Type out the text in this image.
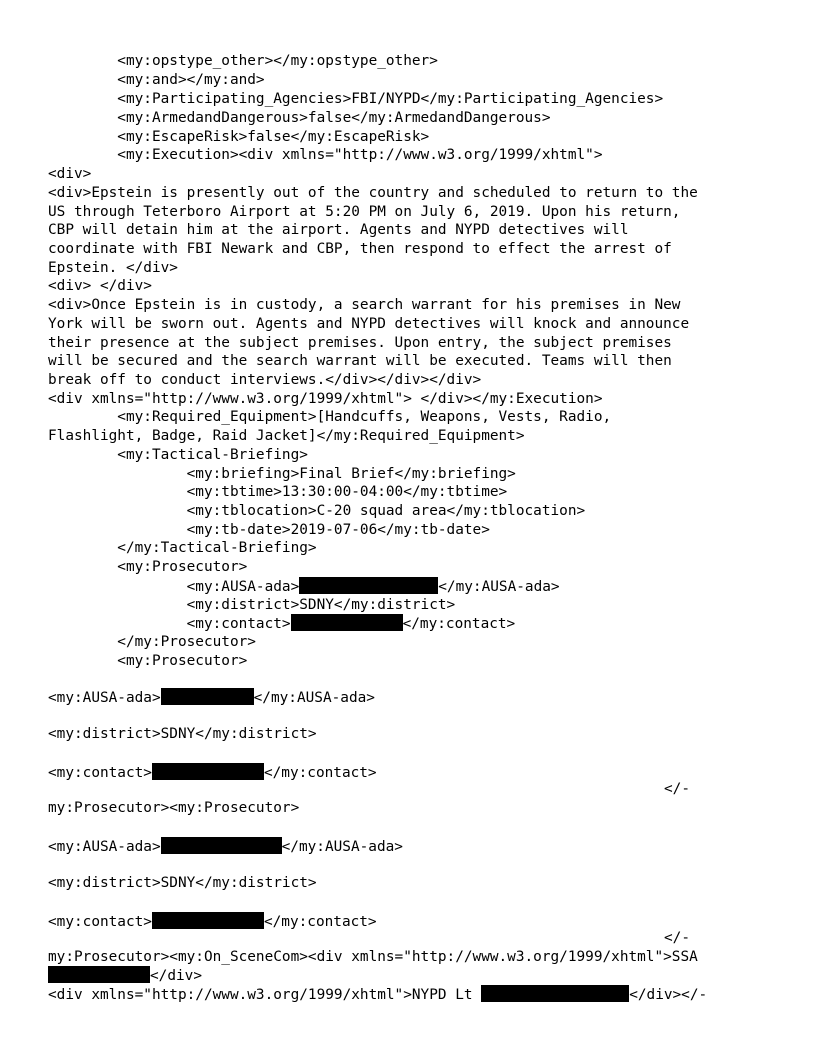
<my:opstype_other></my:opstype_other>
<my:and></my:and>
<my:Participating_Agencies>FBI/NYPD</my:Participating_Agencies>
<my:ArmedandDangerous>false</my:ArmedandDangerous>
<my:EscapeRisk>false</my:EscapeRisk>
<my:Execution><div xmlns="http://www.w3.org/1999/xhtml">
<div>
<div>Epstein is presently out of the country and scheduled to return to the
US through Teterboro Airport at 5:20 PM on July 6, 2019. Upon his return,
CBP will detain him at the airport. Agents and NYPD detectives will
coordinate with FBI Newark and CBP, then respond to effect the arrest of
Epstein. </div>
<div> </div>
<div>Once Epstein is in custody, a search warrant for his premises in New
York will be sworn out. Agents and NYPD detectives will knock and announce
their presence at the subject premises. Upon entry, the subject premises
will be secured and the search warrant will be executed. Teams will then
break off to conduct interviews.</div></div></div>
<div xmlns="http://www.w3.org/1999/xhtml"> </div></my:Execution>
<my:Required_Equipment>[Handcuffs, Weapons, Vests, Radio,
Flashlight, Badge, Raid Jacket]</my:Required_Equipment>
<my:Tactical-Briefing>
<my:briefing>Final Brief</my:briefing>
<my:tbtime>13:30:00-04:00</my:tbtime>
<my:tblocation>C-20 squad area</my:tblocation>
<my:tb-date>2019-07-06</my:tb-date>
</my:Tactical-Briefing>
<my:Prosecutor>
<my:AUSA-ada>	</my:AUSA-ada>
<my:district>SDNY</my:district>
<my:contact>	</my:contact>
</my:Prosecutor>
<my:Prosecutor>
<my:AUSA-ada>	</my:AUSA-ada>
<my:district>SDNY</my:district>
<my:contact>	</my:contact>
</-
my:Prosecutor><my:Prosecutor>
<my:AUSA-ada>	</my:AUSA-ada>
<my:district>SDNY</my:district>
<my:contact>	</my:contact>
</-
my:Prosecutor><my:On_SceneCom><div xmlns="http://www.w3.org/1999/xhtml">SSA
</div>
<div xmlns="http://www.w3.org/1999/xhtml">NYPD Lt	</div></-
